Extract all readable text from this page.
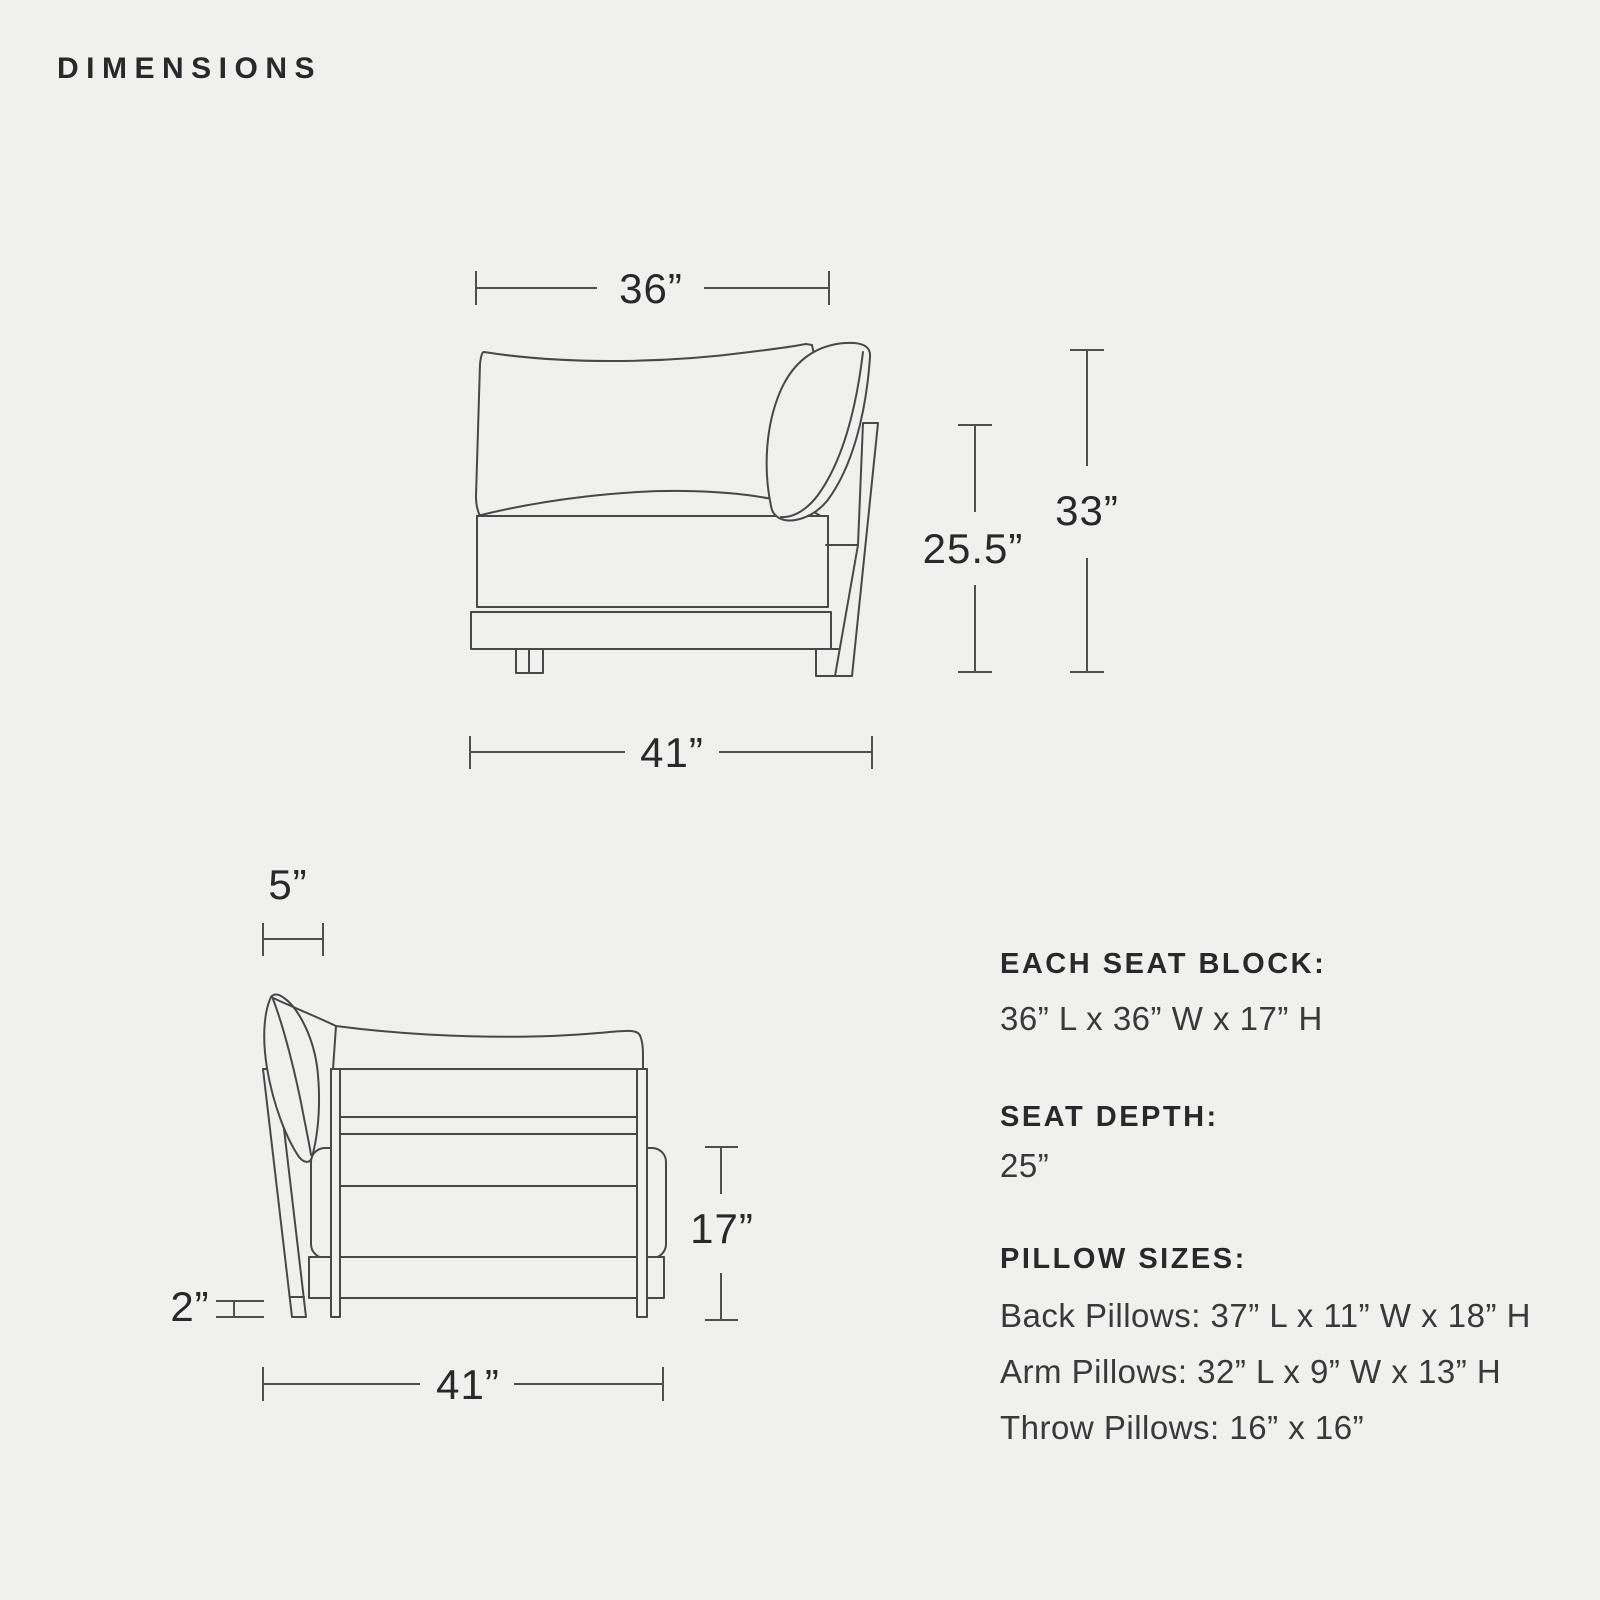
DIMENSIONS
36”
25.5”
33”
41”
5”
2”
17”
41”
EACH SEAT BLOCK:
36” L x 36” W x 17” H
SEAT DEPTH:
25”
PILLOW SIZES:
Back Pillows: 37” L x 11” W x 18” H
Arm Pillows: 32” L x 9” W x 13” H
Throw Pillows: 16” x 16”
